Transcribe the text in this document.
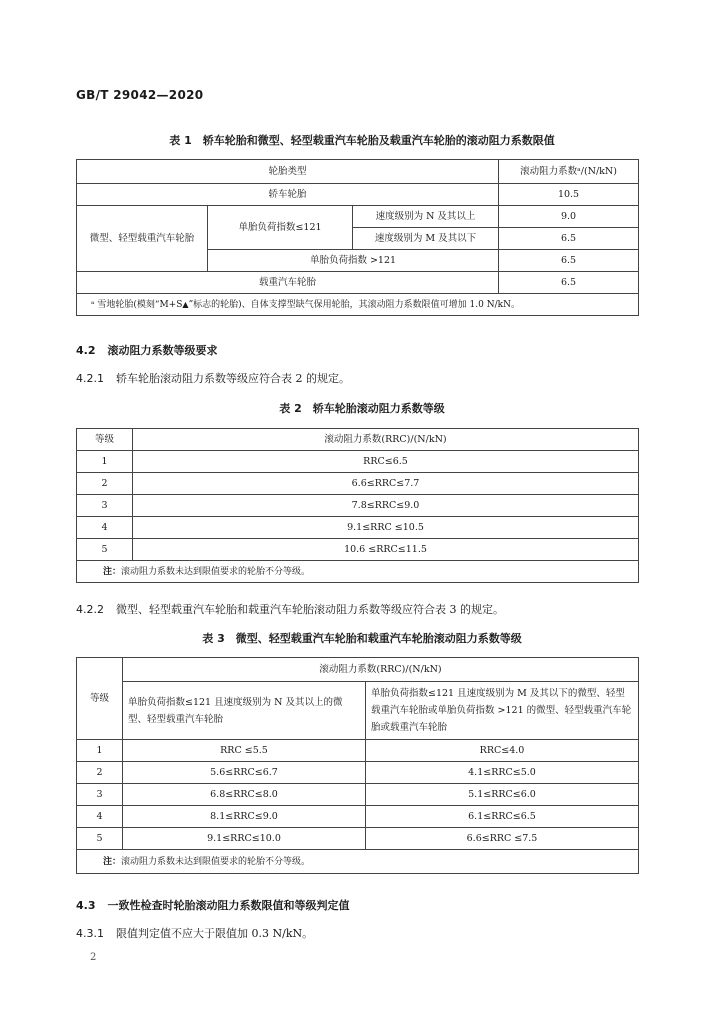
GB/T 29042—2020
表 1　轿车轮胎和微型、轻型载重汽车轮胎及载重汽车轮胎的滚动阻力系数限值
轮胎类型			滚动阻力系数ᵃ/(N/kN)
轿车轮胎			10.5
微型、轻型载重汽车轮胎	单胎负荷指数≤121	速度级别为 N 及其以上	9.0
		速度级别为 M 及其以下	6.5
	单胎负荷指数 >121		6.5
载重汽车轮胎			6.5
ᵃ 雪地轮胎(模刻“M+S▲”标志的轮胎)、自体支撑型缺气保用轮胎，其滚动阻力系数限值可增加 1.0 N/kN。			
4.2 滚动阻力系数等级要求
4.2.1 轿车轮胎滚动阻力系数等级应符合表 2 的规定。
表 2　轿车轮胎滚动阻力系数等级
等级	滚动阻力系数(RRC)/(N/kN)
1	RRC≤6.5
2	6.6≤RRC≤7.7
3	7.8≤RRC≤9.0
4	9.1≤RRC ≤10.5
5	10.6 ≤RRC≤11.5
注：滚动阻力系数未达到限值要求的轮胎不分等级。	
4.2.2 微型、轻型载重汽车轮胎和载重汽车轮胎滚动阻力系数等级应符合表 3 的规定。
表 3　微型、轻型载重汽车轮胎和载重汽车轮胎滚动阻力系数等级
等级	滚动阻力系数(RRC)/(N/kN)	
	单胎负荷指数≤121 且速度级别为 N 及其以上的微型、轻型载重汽车轮胎	单胎负荷指数≤121 且速度级别为 M 及其以下的微型、轻型载重汽车轮胎或单胎负荷指数 >121 的微型、轻型载重汽车轮胎或载重汽车轮胎
1	RRC ≤5.5	RRC≤4.0
2	5.6≤RRC≤6.7	4.1≤RRC≤5.0
3	6.8≤RRC≤8.0	5.1≤RRC≤6.0
4	8.1≤RRC≤9.0	6.1≤RRC≤6.5
5	9.1≤RRC≤10.0	6.6≤RRC ≤7.5
注：滚动阻力系数未达到限值要求的轮胎不分等级。		
4.3 一致性检查时轮胎滚动阻力系数限值和等级判定值
4.3.1 限值判定值不应大于限值加 0.3 N/kN。
2
